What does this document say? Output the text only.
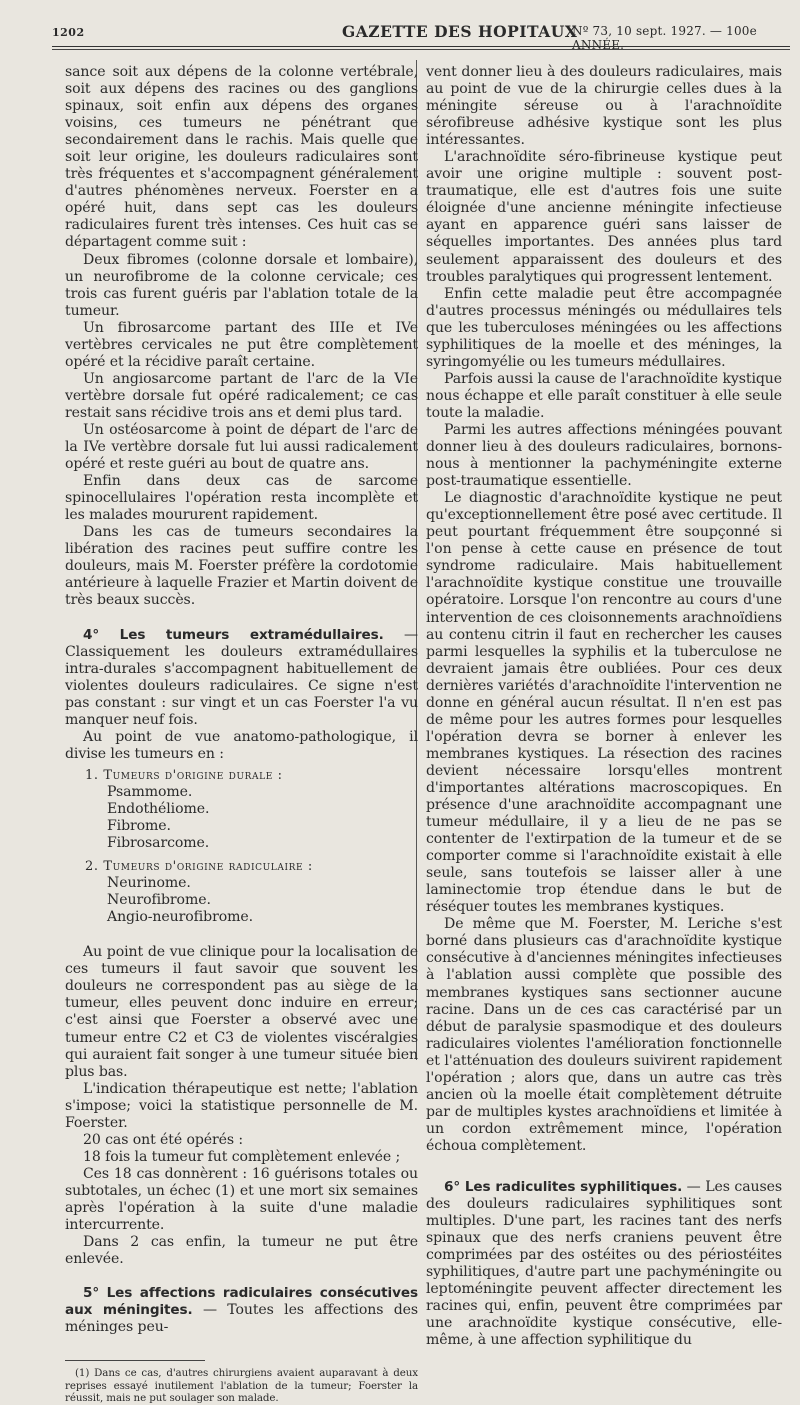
1202	GAZETTE DES HOPITAUX
Nº 73, 10 sept. 1927. — 100e ANNÉE.

sance soit aux dépens de la colonne vertébrale, soit aux dépens des racines ou des ganglions spinaux, soit enfin aux dépens des organes voisins, ces tumeurs ne pénétrant que secondairement dans le rachis. Mais quelle que soit leur origine, les douleurs radiculaires sont très fréquentes et s'accompagnent généralement d'autres phénomènes nerveux. Foerster en a opéré huit, dans sept cas les douleurs radiculaires furent très intenses. Ces huit cas se départagent comme suit :

Deux fibromes (colonne dorsale et lombaire), un neurofibrome de la colonne cervicale; ces trois cas furent guéris par l'ablation totale de la tumeur.

Un fibrosarcome partant des IIIe et IVe vertèbres cervicales ne put être complètement opéré et la récidive paraît certaine.

Un angiosarcome partant de l'arc de la VIe vertèbre dorsale fut opéré radicalement; ce cas restait sans récidive trois ans et demi plus tard.

Un ostéosarcome à point de départ de l'arc de la IVe vertèbre dorsale fut lui aussi radicalement opéré et reste guéri au bout de quatre ans.

Enfin dans deux cas de sarcome spinocellulaires l'opération resta incomplète et les malades moururent rapidement.

Dans les cas de tumeurs secondaires la libération des racines peut suffire contre les douleurs, mais M. Foerster préfère la cordotomie antérieure à laquelle Frazier et Martin doivent de très beaux succès.

4° Les tumeurs extramédullaires. — Classiquement les douleurs extramédullaires intra-durales s'accompagnent habituellement de violentes douleurs radiculaires. Ce signe n'est pas constant : sur vingt et un cas Foerster l'a vu manquer neuf fois.

Au point de vue anatomo-pathologique, il divise les tumeurs en :

1. Tumeurs d'origine durale :

Psammome.

Endothéliome.

Fibrome.

Fibrosarcome.

2. Tumeurs d'origine radiculaire :

Neurinome.

Neurofibrome.

Angio-neurofibrome.

Au point de vue clinique pour la localisation de ces tumeurs il faut savoir que souvent les douleurs ne correspondent pas au siège de la tumeur, elles peuvent donc induire en erreur; c'est ainsi que Foerster a observé avec une tumeur entre C2 et C3 de violentes viscéralgies qui auraient fait songer à une tumeur située bien plus bas.

L'indication thérapeutique est nette; l'ablation s'impose; voici la statistique personnelle de M. Foerster.

20 cas ont été opérés :

18 fois la tumeur fut complètement enlevée ;

Ces 18 cas donnèrent : 16 guérisons totales ou subtotales, un échec (1) et une mort six semaines après l'opération à la suite d'une maladie intercurrente.

Dans 2 cas enfin, la tumeur ne put être enlevée.

5° Les affections radiculaires consécutives aux méningites. — Toutes les affections des méninges peu-

(1) Dans ce cas, d'autres chirurgiens avaient auparavant à deux reprises essayé inutilement l'ablation de la tumeur; Foerster la réussit, mais ne put soulager son malade.

vent donner lieu à des douleurs radiculaires, mais au point de vue de la chirurgie celles dues à la méningite séreuse ou à l'arachnoïdite sérofibreuse adhésive kystique sont les plus intéressantes.

L'arachnoïdite séro-fibrineuse kystique peut avoir une origine multiple : souvent post-traumatique, elle est d'autres fois une suite éloignée d'une ancienne méningite infectieuse ayant en apparence guéri sans laisser de séquelles importantes. Des années plus tard seulement apparaissent des douleurs et des troubles paralytiques qui progressent lentement.

Enfin cette maladie peut être accompagnée d'autres processus méningés ou médullaires tels que les tuberculoses méningées ou les affections syphilitiques de la moelle et des méninges, la syringomyélie ou les tumeurs médullaires.

Parfois aussi la cause de l'arachnoïdite kystique nous échappe et elle paraît constituer à elle seule toute la maladie.

Parmi les autres affections méningées pouvant donner lieu à des douleurs radiculaires, bornons-nous à mentionner la pachyméningite externe post-traumatique essentielle.

Le diagnostic d'arachnoïdite kystique ne peut qu'exceptionnellement être posé avec certitude. Il peut pourtant fréquemment être soupçonné si l'on pense à cette cause en présence de tout syndrome radiculaire. Mais habituellement l'arachnoïdite kystique constitue une trouvaille opératoire. Lorsque l'on rencontre au cours d'une intervention de ces cloisonnements arachnoïdiens au contenu citrin il faut en rechercher les causes parmi lesquelles la syphilis et la tuberculose ne devraient jamais être oubliées. Pour ces deux dernières variétés d'arachnoïdite l'intervention ne donne en général aucun résultat. Il n'en est pas de même pour les autres formes pour lesquelles l'opération devra se borner à enlever les membranes kystiques. La résection des racines devient nécessaire lorsqu'elles montrent d'importantes altérations macroscopiques. En présence d'une arachnoïdite accompagnant une tumeur médullaire, il y a lieu de ne pas se contenter de l'extirpation de la tumeur et de se comporter comme si l'arachnoïdite existait à elle seule, sans toutefois se laisser aller à une laminectomie trop étendue dans le but de réséquer toutes les membranes kystiques.

De même que M. Foerster, M. Leriche s'est borné dans plusieurs cas d'arachnoïdite kystique consécutive à d'anciennes méningites infectieuses à l'ablation aussi complète que possible des membranes kystiques sans sectionner aucune racine. Dans un de ces cas caractérisé par un début de paralysie spasmodique et des douleurs radiculaires violentes l'amélioration fonctionnelle et l'atténuation des douleurs suivirent rapidement l'opération ; alors que, dans un autre cas très ancien où la moelle était complètement détruite par de multiples kystes arachnoïdiens et limitée à un cordon extrêmement mince, l'opération échoua complètement.

6° Les radiculites syphilitiques. — Les causes des douleurs radiculaires syphilitiques sont multiples. D'une part, les racines tant des nerfs spinaux que des nerfs craniens peuvent être comprimées par des ostéites ou des périostéites syphilitiques, d'autre part une pachyméningite ou leptoméningite peuvent affecter directement les racines qui, enfin, peuvent être comprimées par une arachnoïdite kystique consécutive, elle-même, à une affection syphilitique du
